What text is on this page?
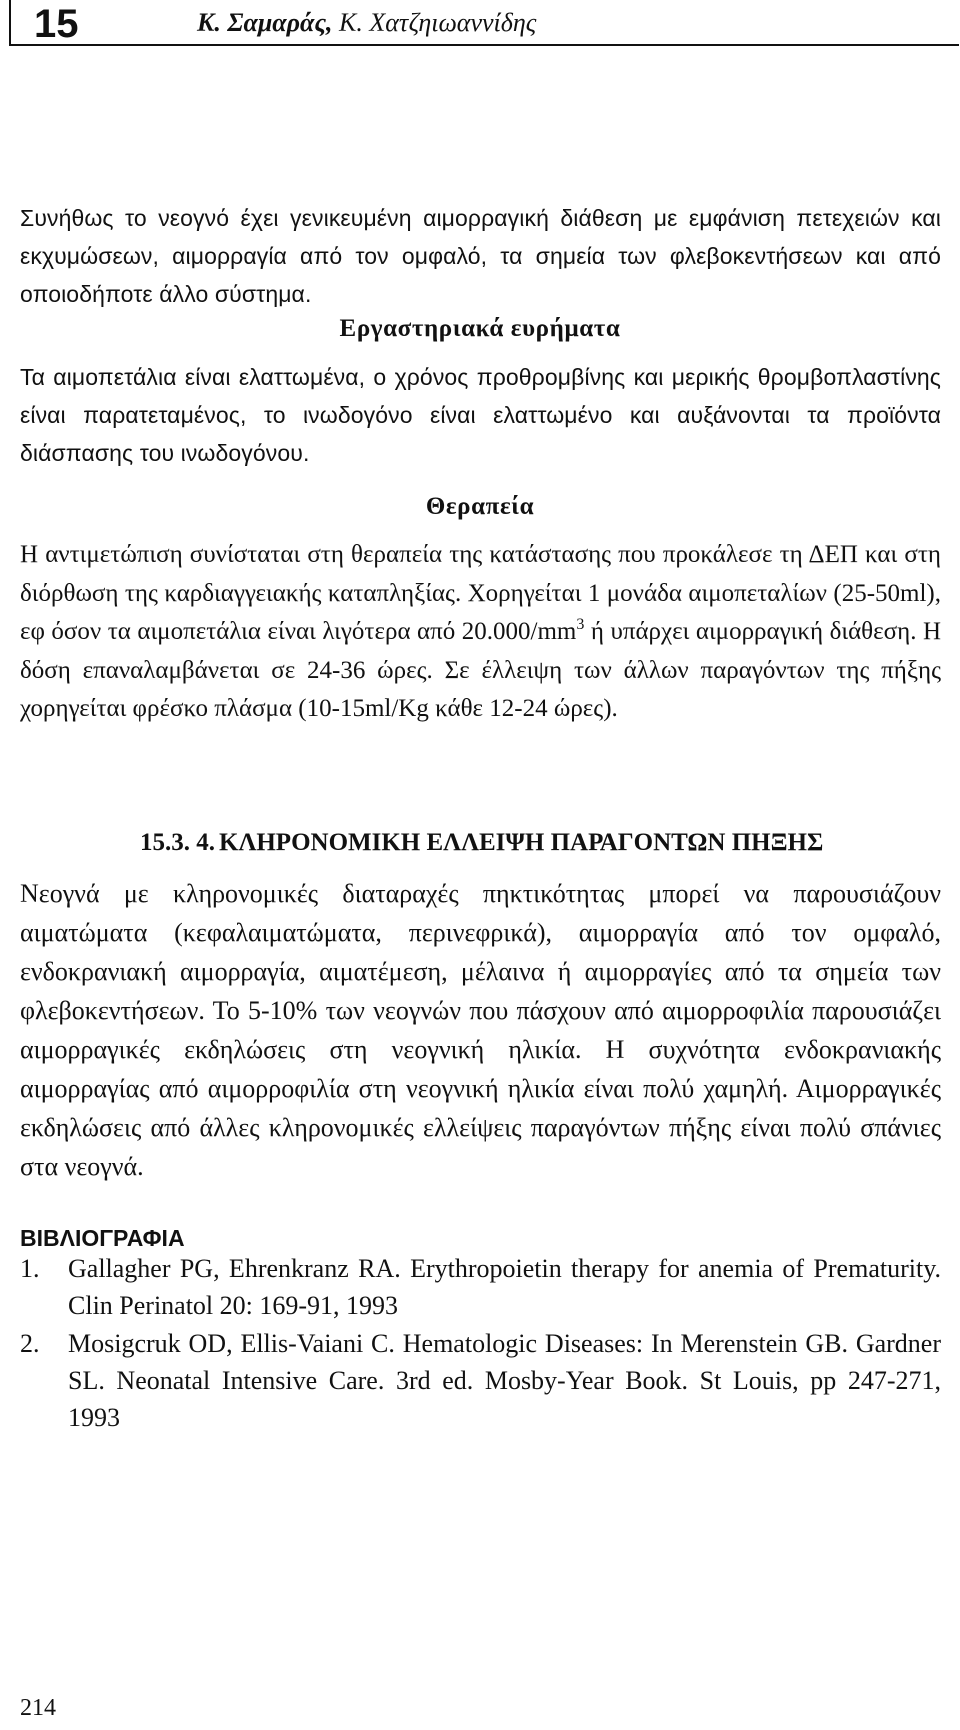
15	Κ. Σαμαράς, Κ. Χατζηιωαννίδης

Συνήθως το νεογνό έχει γενικευμένη αιμορραγική διάθεση με εμφάνιση πετεχειών και εκχυμώσεων, αιμορραγία από τον ομφαλό, τα σημεία των φλεβοκεντήσεων και από οποιοδήποτε άλλο σύστημα.

Εργαστηριακά ευρήματα

Τα αιμοπετάλια είναι ελαττωμένα, ο χρόνος προθρομβίνης και μερικής θρομβοπλαστίνης είναι παρατεταμένος, το ινωδογόνο είναι ελαττωμένο και αυξάνονται τα προϊόντα διάσπασης του ινωδογόνου.

Θεραπεία

Η αντιμετώπιση συνίσταται στη θεραπεία της κατάστασης που προκάλεσε τη ΔΕΠ και στη διόρθωση της καρδιαγγειακής καταπληξίας. Χορηγείται 1 μονάδα αιμοπεταλίων (25-50ml), εφ όσον τα αιμοπετάλια είναι λιγότερα από $20.000/mm^3$ ή υπάρχει αιμορραγική διάθεση. Η δόση επαναλαμβάνεται σε 24-36 ώρες. Σε έλλειψη των άλλων παραγόντων της πήξης χορηγείται φρέσκο πλάσμα (10-15ml/Kg κάθε 12-24 ώρες).

15.3. 4. ΚΛΗΡΟΝΟΜΙΚΗ ΕΛΛΕΙΨΗ ΠΑΡΑΓΟΝΤΩΝ ΠΗΞΗΣ

Νεογνά με κληρονομικές διαταραχές πηκτικότητας μπορεί να παρουσιάζουν αιματώματα (κεφαλαιματώματα, περινεφρικά), αιμορραγία από τον ομφαλό, ενδοκρανιακή αιμορραγία, αιματέμεση, μέλαινα ή αιμορραγίες από τα σημεία των φλεβοκεντήσεων. Το 5-10% των νεογνών που πάσχουν από αιμορροφιλία παρουσιάζει αιμορραγικές εκδηλώσεις στη νεογνική ηλικία. Η συχνότητα ενδοκρανιακής αιμορραγίας από αιμορροφιλία στη νεογνική ηλικία είναι πολύ χαμηλή. Αιμορραγικές εκδηλώσεις από άλλες κληρονομικές ελλείψεις παραγόντων πήξης είναι πολύ σπάνιες στα νεογνά.

ΒΙΒΛΙΟΓΡΑΦΙΑ
1. Gallagher PG, Ehrenkranz RA. Erythropoietin therapy for anemia of Prematurity. Clin Perinatol 20: 169-91, 1993
2. Mosigcruk OD, Ellis-Vaiani C. Hematologic Diseases: In Merenstein GB. Gardner SL. Neonatal Intensive Care. 3rd ed. Mosby-Year Book. St Louis, pp 247-271, 1993
214
